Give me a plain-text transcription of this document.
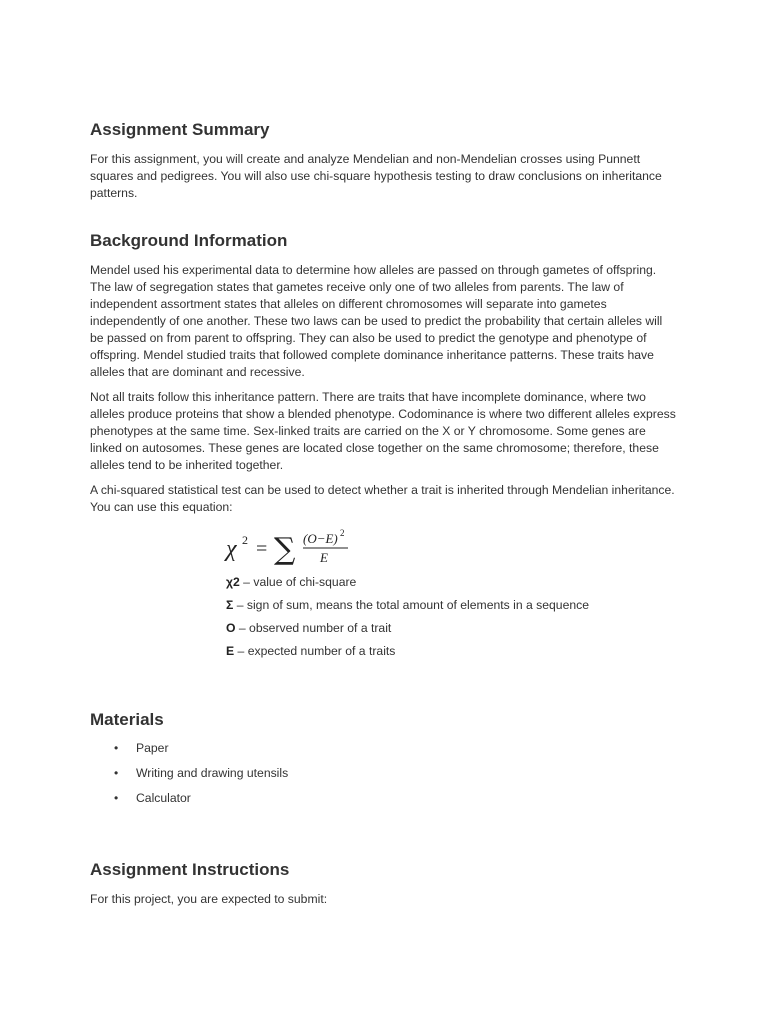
Assignment Summary

For this assignment, you will create and analyze Mendelian and non-Mendelian crosses using Punnett squares and pedigrees. You will also use chi-square hypothesis testing to draw conclusions on inheritance patterns.

Background Information

Mendel used his experimental data to determine how alleles are passed on through gametes of offspring. The law of segregation states that gametes receive only one of two alleles from parents. The law of independent assortment states that alleles on different chromosomes will separate into gametes independently of one another. These two laws can be used to predict the probability that certain alleles will be passed on from parent to offspring. They can also be used to predict the genotype and phenotype of offspring. Mendel studied traits that followed complete dominance inheritance patterns. These traits have alleles that are dominant and recessive.

Not all traits follow this inheritance pattern. There are traits that have incomplete dominance, where two alleles produce proteins that show a blended phenotype. Codominance is where two different alleles express phenotypes at the same time. Sex-linked traits are carried on the X or Y chromosome. Some genes are linked on autosomes. These genes are located close together on the same chromosome; therefore, these alleles tend to be inherited together.

A chi-squared statistical test can be used to detect whether a trait is inherited through Mendelian inheritance. You can use this equation:

χ 2 = ∑ (O−E) 2
E
χ2 – value of chi-square
Σ – sign of sum, means the total amount of elements in a sequence
O – observed number of a trait
E – expected number of a traits
Materials
• Paper
• Writing and drawing utensils
• Calculator
Assignment Instructions

For this project, you are expected to submit:
